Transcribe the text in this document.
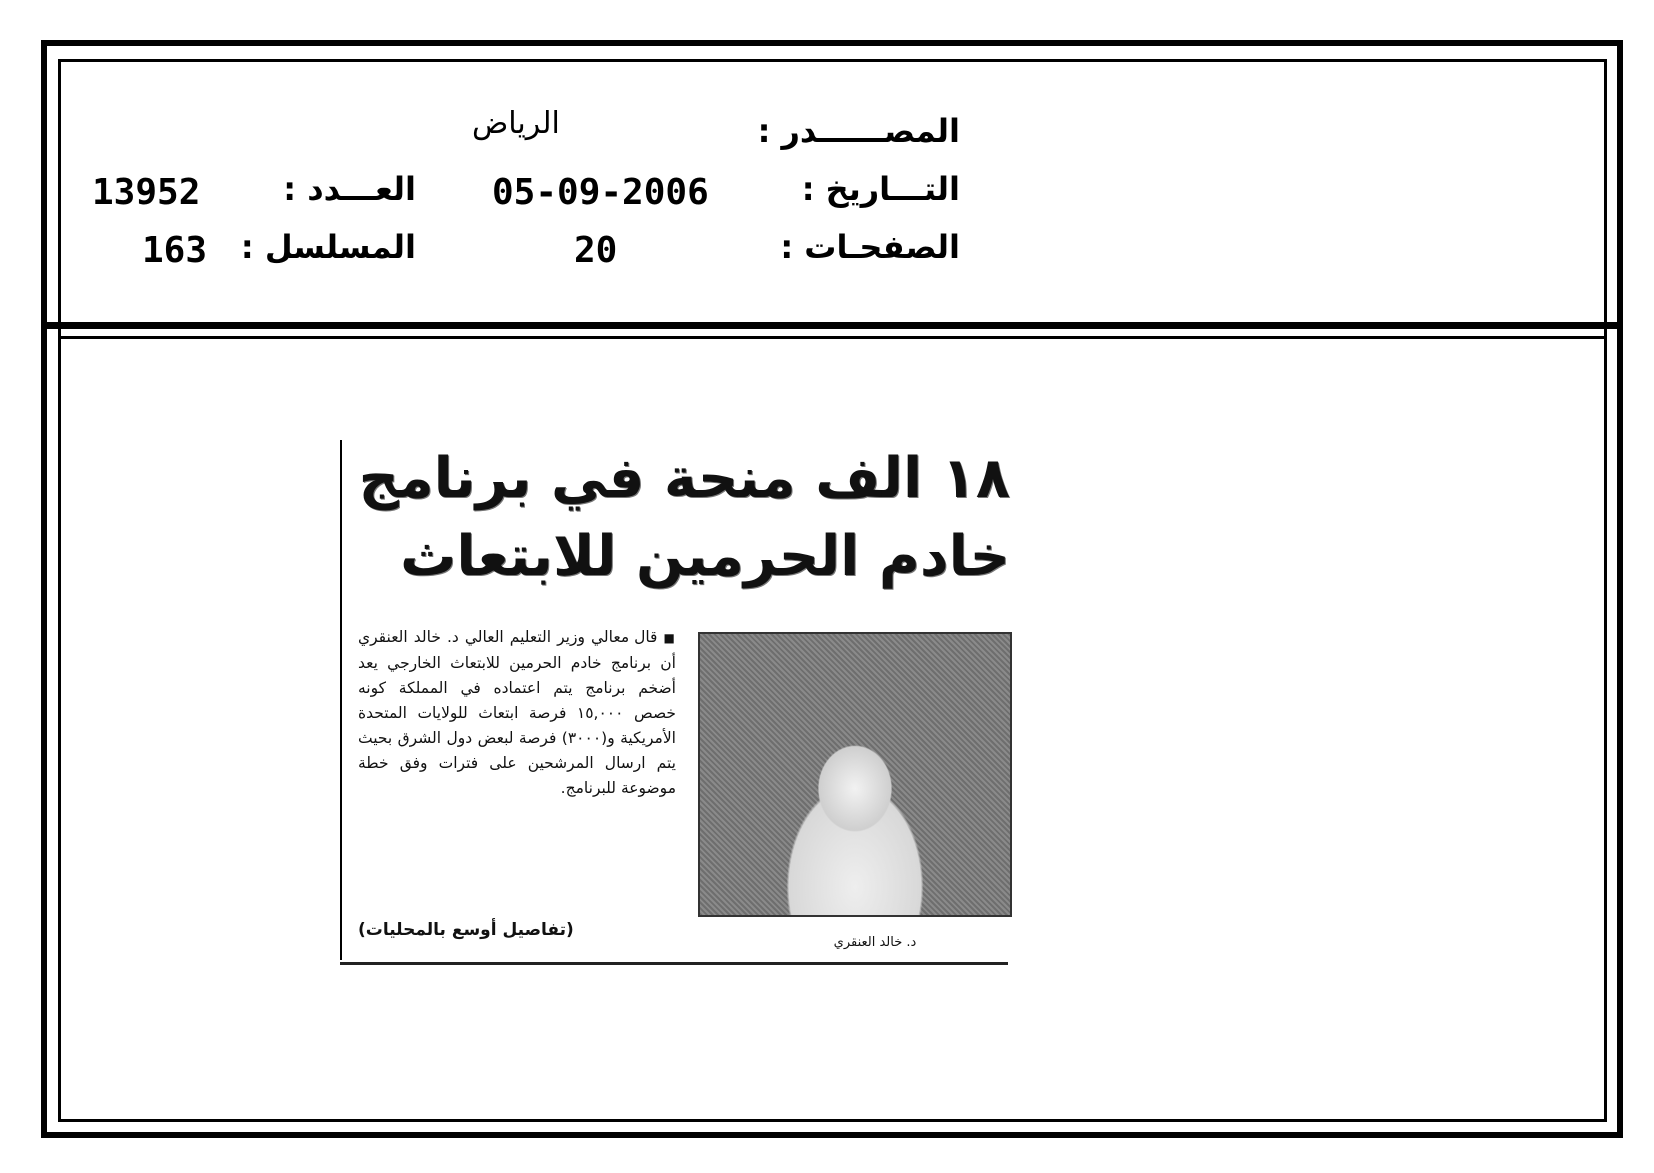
المصــــــدر :
التـــاريخ :
الصفحـات :
الرياض
05-09-2006
20
العـــدد :
13952
المسلسل :
163
١٨ الف منحة في برنامج
خادم الحرمين للابتعاث
■ قال معالي وزير التعليم العالي د. خالد العنقري أن برنامج خادم الحرمين للابتعاث الخارجي يعد أضخم برنامج يتم اعتماده في المملكة كونه خصص ١٥,٠٠٠ فرصة ابتعاث للولايات المتحدة الأمريكية و(٣٠٠٠) فرصة لبعض دول الشرق بحيث يتم ارسال المرشحين على فترات وفق خطة موضوعة للبرنامج.
(تفاصيل أوسع بالمحليات)
د. خالد العنقري
